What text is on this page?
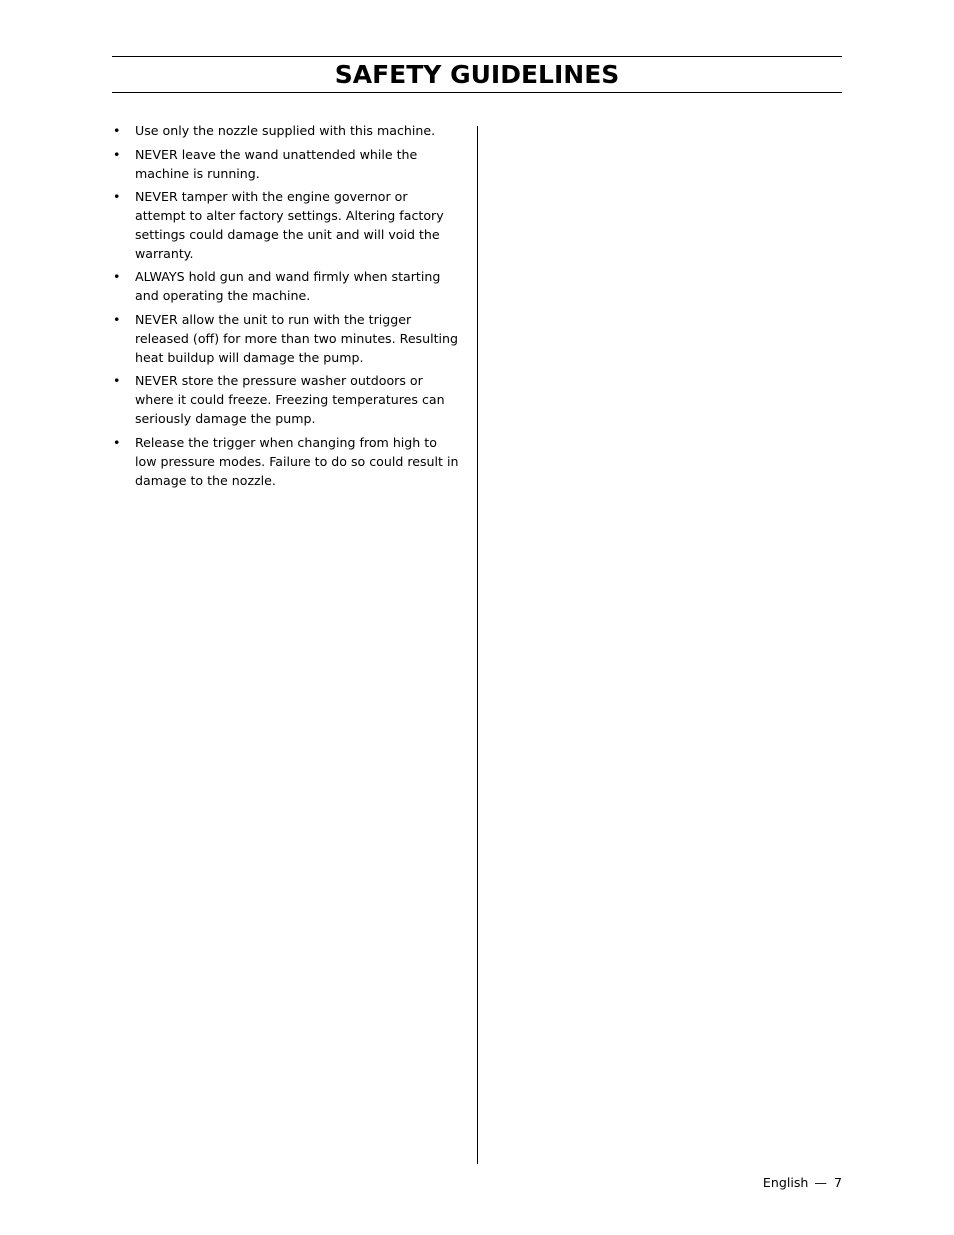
SAFETY GUIDELINES
• Use only the nozzle supplied with this machine.
• NEVER leave the wand unattended while the machine is running.
• NEVER tamper with the engine governor or attempt to alter factory settings. Altering factory settings could damage the unit and will void the warranty.
• ALWAYS hold gun and wand firmly when starting and operating the machine.
• NEVER allow the unit to run with the trigger released (off) for more than two minutes. Resulting heat buildup will damage the pump.
• NEVER store the pressure washer outdoors or where it could freeze. Freezing temperatures can seriously damage the pump.
• Release the trigger when changing from high to low pressure modes. Failure to do so could result in damage to the nozzle.
English — 7
